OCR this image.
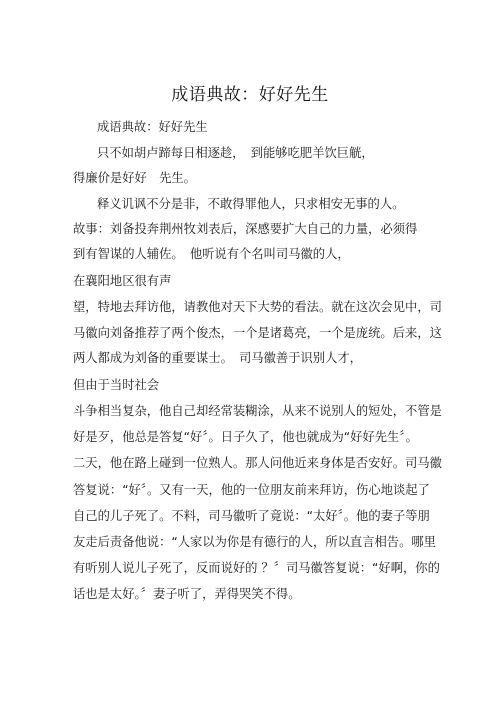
成语典故：好好先生
成语典故：好好先生
只不如胡卢蹄每日相逐趁，　到能够吃肥羊饮巨觥，
得廉价是好好　先生。
释义讥讽不分是非，不敢得罪他人，只求相安无事的人。
故事：刘备投奔荆州牧刘表后，深感要扩大自己的力量，必须得
到有智谋的人辅佐。　他听说有个名叫司马徽的人，
在襄阳地区很有声
望，特地去拜访他，请教他对天下大势的看法。就在这次会见中，司
马徽向刘备推荐了两个俊杰，一个是诸葛亮，一个是庞统。后来，这
两人都成为刘备的重要谋士。　司马徽善于识别人才，
但由于当时社会
斗争相当复杂，他自己却经常装糊涂，从来不说别人的短处，不管是
好是歹，他总是答复“好〞。日子久了，他也就成为“好好先生〞。
二天，他在路上碰到一位熟人。那人问他近来身体是否安好。司马徽
答复说：“好〞。又有一天，他的一位朋友前来拜访，伤心地谈起了
自己的儿子死了。不料，司马徽听了竟说：“太好〞。他的妻子等朋
友走后责备他说：“人家以为你是有德行的人，所以直言相告。哪里
有听别人说儿子死了，反而说好的 ？〞司马徽答复说：“好啊，你的
话也是太好。〞妻子听了，弄得哭笑不得。
